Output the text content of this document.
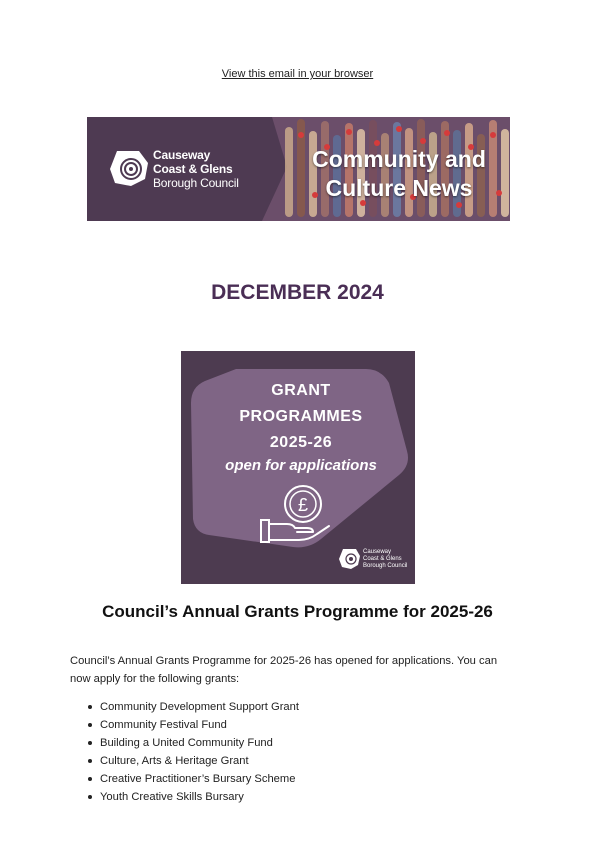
View this email in your browser
Causeway
Coast & Glens
Borough Council
Community and
Culture News
DECEMBER 2024
GRANT
PROGRAMMES
2025-26
open for applications
£
Causeway
Coast & Glens
Borough Council
Council’s Annual Grants Programme for 2025-26
Council’s Annual Grants Programme for 2025-26 has opened for applications. You can now apply for the following grants:
Community Development Support Grant
Community Festival Fund
Building a United Community Fund
Culture, Arts & Heritage Grant
Creative Practitioner’s Bursary Scheme
Youth Creative Skills Bursary
